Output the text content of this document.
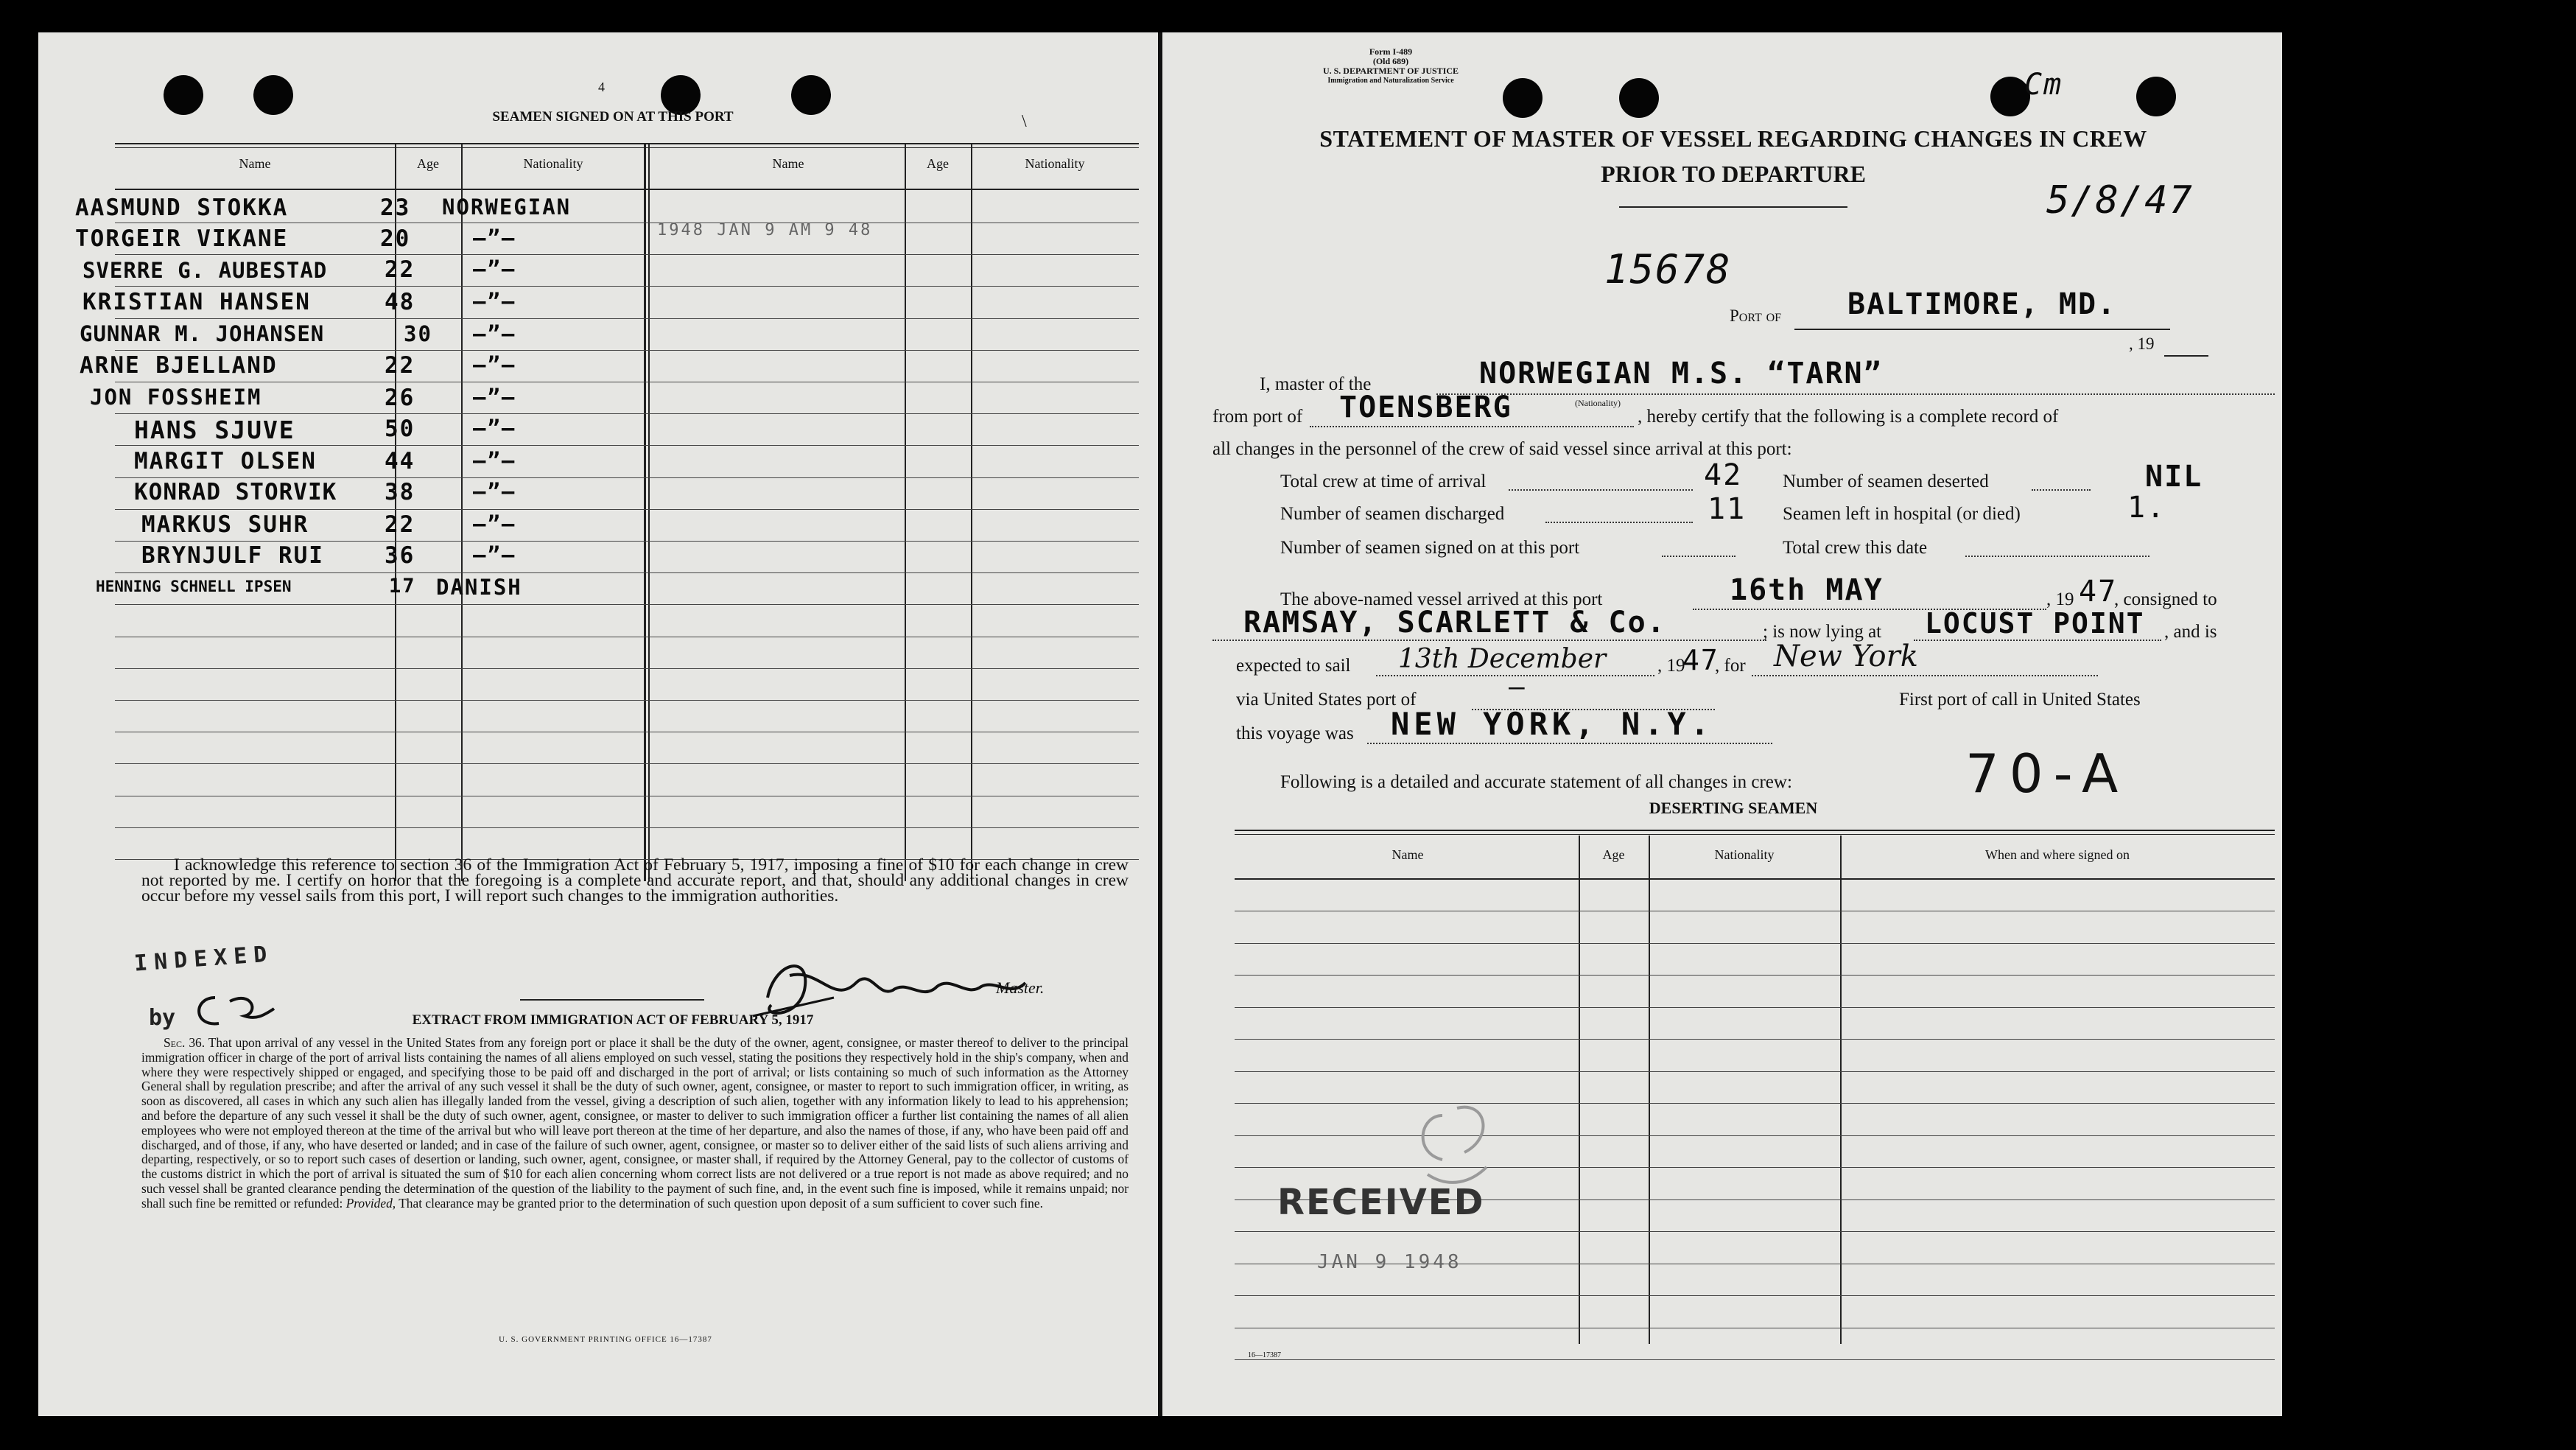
4
\
SEAMEN SIGNED ON AT THIS PORT
Name	Age	Nationality	Name	Age	Nationality
AASMUND STOKKA	23 NORWEGIAN
TORGEIR VIKANE	20	—”—
SVERRE G. AUBESTAD	22	—”—
KRISTIAN HANSEN	48	—”—
GUNNAR M. JOHANSEN	30 —”—
ARNE BJELLAND	22	—”—
JON FOSSHEIM	26	—”—
HANS SJUVE	50	—”—
MARGIT OLSEN	44	—”—
KONRAD STORVIK 38	—”—
MARKUS SUHR	22	—”—
BRYNJULF RUI	36	—”—
HENNING SCHNELL IPSEN	17 DANISH
1948 JAN 9 AM 9 48
I acknowledge this reference to section 36 of the Immigration Act of February 5, 1917, imposing a fine of $10 for each change in crew not reported by me. I certify on honor that the foregoing is a complete and accurate report, and that, should any additional changes in crew occur before my vessel sails from this port, I will report such changes to the immigration authorities.
Master.
INDEXED
by	EXTRACT FROM IMMIGRATION ACT OF FEBRUARY 5, 1917
Sec. 36. That upon arrival of any vessel in the United States from any foreign port or place it shall be the duty of the owner, agent, consignee, or master thereof to deliver to the principal immigration officer in charge of the port of arrival lists containing the names of all aliens employed on such vessel, stating the positions they respectively hold in the ship's company, when and where they were respectively shipped or engaged, and specifying those to be paid off and discharged in the port of arrival; or lists containing so much of such information as the Attorney General shall by regulation prescribe; and after the arrival of any such vessel it shall be the duty of such owner, agent, consignee, or master to report to such immigration officer, in writing, as soon as discovered, all cases in which any such alien has illegally landed from the vessel, giving a description of such alien, together with any information likely to lead to his apprehension; and before the departure of any such vessel it shall be the duty of such owner, agent, consignee, or master to deliver to such immigration officer a further list containing the names of all alien employees who were not employed thereon at the time of the arrival but who will leave port thereon at the time of her departure, and also the names of those, if any, who have been paid off and discharged, and of those, if any, who have deserted or landed; and in case of the failure of such owner, agent, consignee, or master so to deliver either of the said lists of such aliens arriving and departing, respectively, or so to report such cases of desertion or landing, such owner, agent, consignee, or master shall, if required by the Attorney General, pay to the collector of customs of the customs district in which the port of arrival is situated the sum of $10 for each alien concerning whom correct lists are not delivered or a true report is not made as above required; and no such vessel shall be granted clearance pending the determination of the question of the liability to the payment of such fine, and, in the event such fine is imposed, while it remains unpaid; nor shall such fine be remitted or refunded: Provided, That clearance may be granted prior to the determination of such question upon deposit of a sum sufficient to cover such fine.
U. S. GOVERNMENT PRINTING OFFICE 16—17387
Form I-489
(Old 689)
U. S. DEPARTMENT OF JUSTICE
Immigration and Naturalization Service	Cm
STATEMENT OF MASTER OF VESSEL REGARDING CHANGES IN CREW
PRIOR TO DEPARTURE
5/8/47
15678
Port of BALTIMORE, MD.
, 19
I, master of the	NORWEGIAN M.S. “TARN”
from port of TOENSBERG	(Nationality)
, hereby certify that the following is a complete record of
all changes in the personnel of the crew of said vessel since arrival at this port:
Total crew at time of arrival	42 Number of seamen deserted	NIL
Number of seamen discharged	11 Seamen left in hospital (or died)	1.
Number of seamen signed on at this port	Total crew this date
The above-named vessel arrived at this port	16th MAY	, 19 47
, consigned to
RAMSAY, SCARLETT & Co.	; is now lying at LOCUST POINT , and is
expected to sail 13th December	, 19
47
, for New York
via United States port of	—	First port of call in United States
this voyage was NEW YORK, N.Y.
Following is a detailed and accurate statement of all changes in crew:	70-A
DESERTING SEAMEN
Name	Age	Nationality	When and where signed on
RECEIVED
JAN 9 1948
16—17387
